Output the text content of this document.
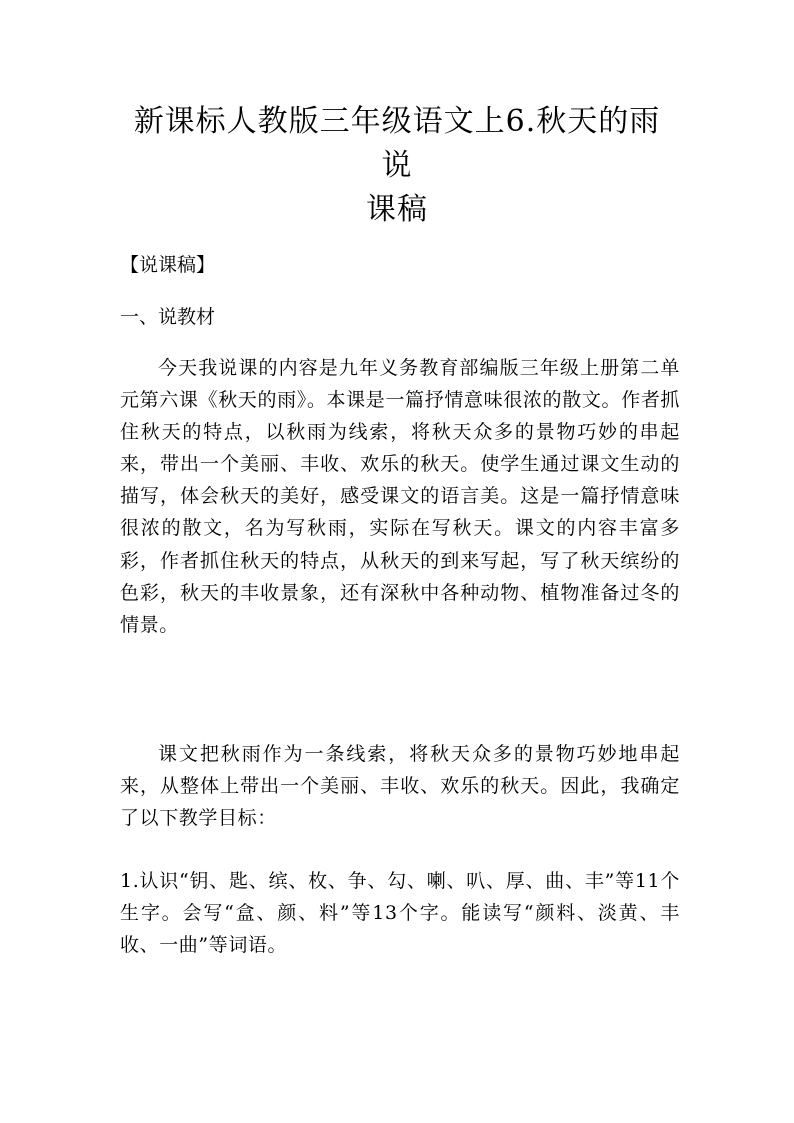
新课标人教版三年级语文上6.秋天的雨说
课稿

【说课稿】

一、说教材

今天我说课的内容是九年义务教育部编版三年级上册第二单元第六课《秋天的雨》。本课是一篇抒情意味很浓的散文。作者抓住秋天的特点，以秋雨为线索，将秋天众多的景物巧妙的串起来，带出一个美丽、丰收、欢乐的秋天。使学生通过课文生动的描写，体会秋天的美好，感受课文的语言美。这是一篇抒情意味很浓的散文，名为写秋雨，实际在写秋天。课文的内容丰富多彩，作者抓住秋天的特点，从秋天的到来写起，写了秋天缤纷的色彩，秋天的丰收景象，还有深秋中各种动物、植物准备过冬的情景。

课文把秋雨作为一条线索，将秋天众多的景物巧妙地串起来，从整体上带出一个美丽、丰收、欢乐的秋天。因此，我确定了以下教学目标：

1.认识“钥、匙、缤、枚、争、勾、喇、叭、厚、曲、丰”等11个生字。会写“盒、颜、料”等13个字。能读写“颜料、淡黄、丰收、一曲”等词语。
